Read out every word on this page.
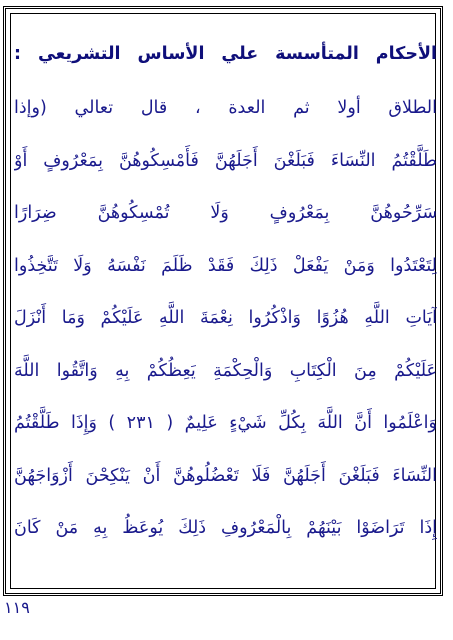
الأحكام المتأسسة علي الأساس التشريعي :
الطلاق أولا ثم العدة ، قال تعالي (وإذا
طَلَّقْتُمُ النِّسَاءَ فَبَلَغْنَ أَجَلَهُنَّ فَأَمْسِكُوهُنَّ بِمَعْرُوفٍ أَوْ
سَرِّحُوهُنَّ بِمَعْرُوفٍ وَلَا تُمْسِكُوهُنَّ ضِرَارًا
لِتَعْتَدُوا وَمَنْ يَفْعَلْ ذَلِكَ فَقَدْ ظَلَمَ نَفْسَهُ وَلَا تَتَّخِذُوا
آيَاتِ اللَّهِ هُزُوًا وَاذْكُرُوا نِعْمَةَ اللَّهِ عَلَيْكُمْ وَمَا أَنْزَلَ
عَلَيْكُمْ مِنَ الْكِتَابِ وَالْحِكْمَةِ يَعِظُكُمْ بِهِ وَاتَّقُوا اللَّهَ
وَاعْلَمُوا أَنَّ اللَّهَ بِكُلِّ شَيْءٍ عَلِيمٌ ( ٢٣١ ) وَإِذَا طَلَّقْتُمُ
النِّسَاءَ فَبَلَغْنَ أَجَلَهُنَّ فَلَا تَعْضُلُوهُنَّ أَنْ يَنْكِحْنَ أَزْوَاجَهُنَّ
إِذَا تَرَاضَوْا بَيْنَهُمْ بِالْمَعْرُوفِ ذَلِكَ يُوعَظُ بِهِ مَنْ كَانَ
١١٩
